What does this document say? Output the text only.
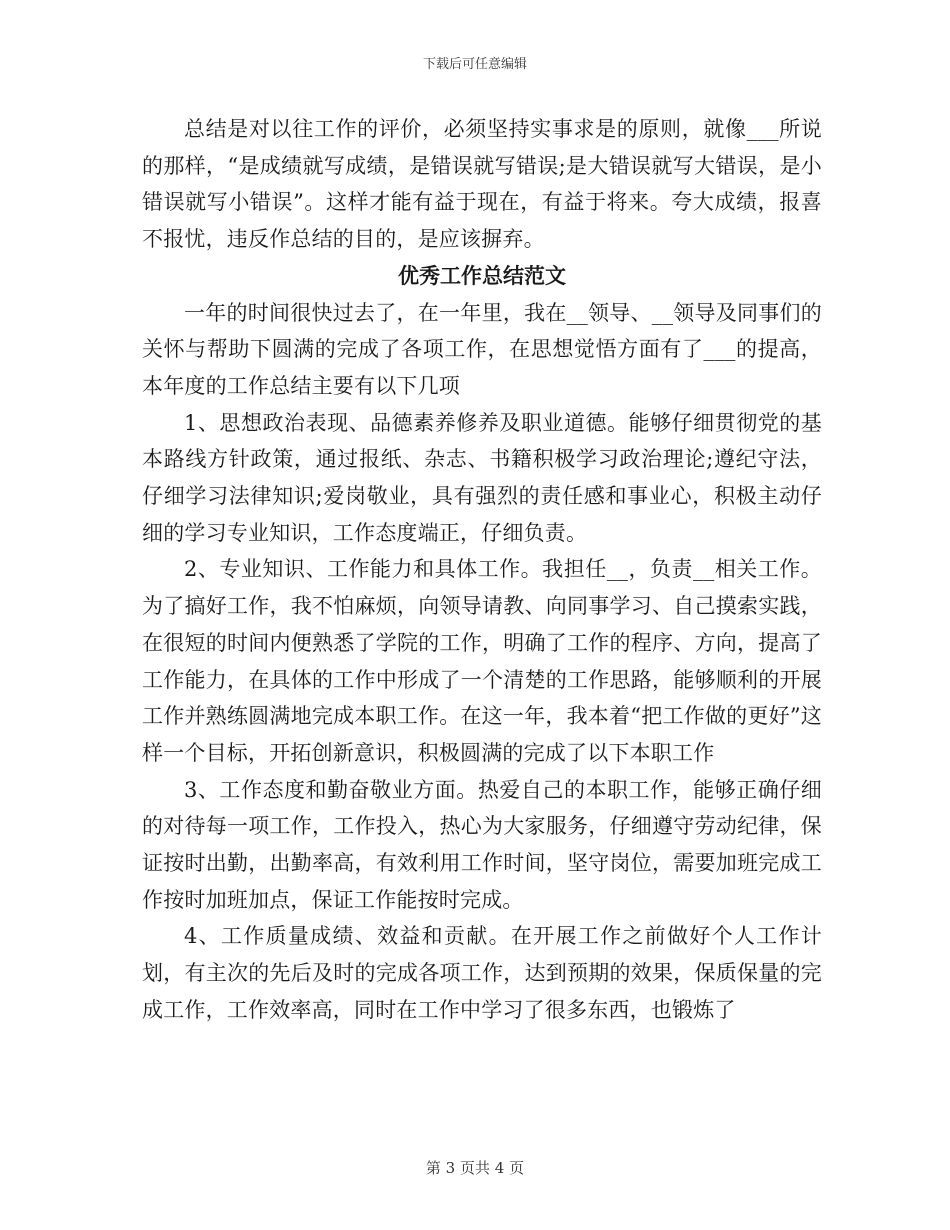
下载后可任意编辑

总结是对以往工作的评价，必须坚持实事求是的原则，就像___所说的那样，“是成绩就写成绩，是错误就写错误;是大错误就写大错误，是小错误就写小错误”。这样才能有益于现在，有益于将来。夸大成绩，报喜不报忧，违反作总结的目的，是应该摒弃。

优秀工作总结范文

一年的时间很快过去了，在一年里，我在__领导、__领导及同事们的关怀与帮助下圆满的完成了各项工作，在思想觉悟方面有了___的提高，本年度的工作总结主要有以下几项

1、思想政治表现、品德素养修养及职业道德。能够仔细贯彻党的基本路线方针政策，通过报纸、杂志、书籍积极学习政治理论;遵纪守法，仔细学习法律知识;爱岗敬业，具有强烈的责任感和事业心，积极主动仔细的学习专业知识，工作态度端正，仔细负责。

2、专业知识、工作能力和具体工作。我担任__，负责__相关工作。为了搞好工作，我不怕麻烦，向领导请教、向同事学习、自己摸索实践，在很短的时间内便熟悉了学院的工作，明确了工作的程序、方向，提高了工作能力，在具体的工作中形成了一个清楚的工作思路，能够顺利的开展工作并熟练圆满地完成本职工作。在这一年，我本着“把工作做的更好”这样一个目标，开拓创新意识，积极圆满的完成了以下本职工作

3、工作态度和勤奋敬业方面。热爱自己的本职工作，能够正确仔细的对待每一项工作，工作投入，热心为大家服务，仔细遵守劳动纪律，保证按时出勤，出勤率高，有效利用工作时间，坚守岗位，需要加班完成工作按时加班加点，保证工作能按时完成。

4、工作质量成绩、效益和贡献。在开展工作之前做好个人工作计划，有主次的先后及时的完成各项工作，达到预期的效果，保质保量的完成工作，工作效率高，同时在工作中学习了很多东西，也锻炼了

第 3 页共 4 页
